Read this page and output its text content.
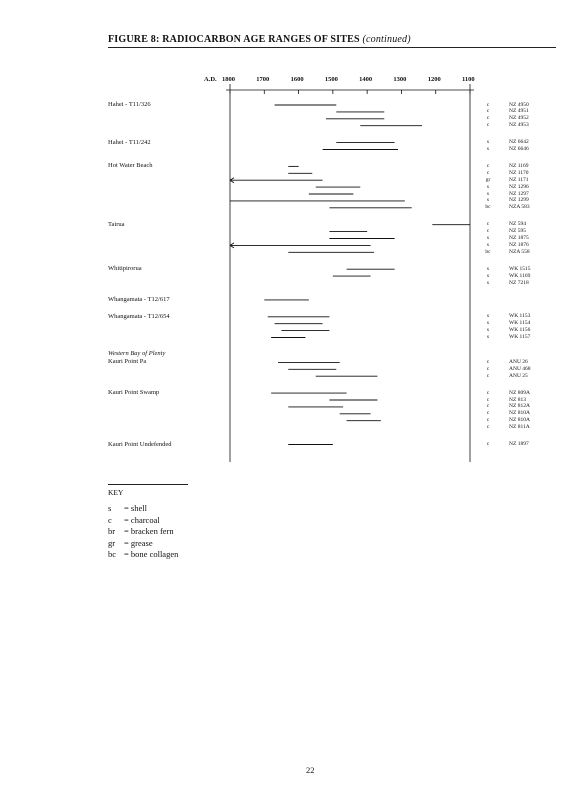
FIGURE 8: RADIOCARBON AGE RANGES OF SITES (continued)
A.D. 1800	1700	1600	1500	1400	1300	1200	1100
Hahei - T11/326	c	NZ 4950
c	NZ 4951
c	NZ 4952
c	NZ 4953
Hahei - T11/242	s	NZ 6642
s	NZ 6646
Hot Water Beach	c	NZ 1169
c	NZ 1170
gr	NZ 1171
s	NZ 1296
s	NZ 1297
s	NZ 1299
bc	NZA 583
Tairua	c	NZ 594
c	NZ 595
s	NZ 1875
s	NZ 1876
bc	NZA 558
Whitipirorua	s	WK 1515
s	WK 1169
s	NZ 7218
Whangamata - T12/617
Whangamata - T12/654	s	WK 1153
s	WK 1154
s	WK 1156
s	WK 1157
Western Bay of Plenty
Kauri Point Pa	c	ANU 26
c	ANU 468
c	ANU 25
Kauri Point Swamp	c	NZ 809A
c	NZ 813
c	NZ 812A
c	NZ 810A
c	NZ 810A
c	NZ 811A
Kauri Point Undefended	c	NZ 1897
KEY
s = shell
c = charcoal
br = bracken fern
gr = grease
bc = bone collagen
22
